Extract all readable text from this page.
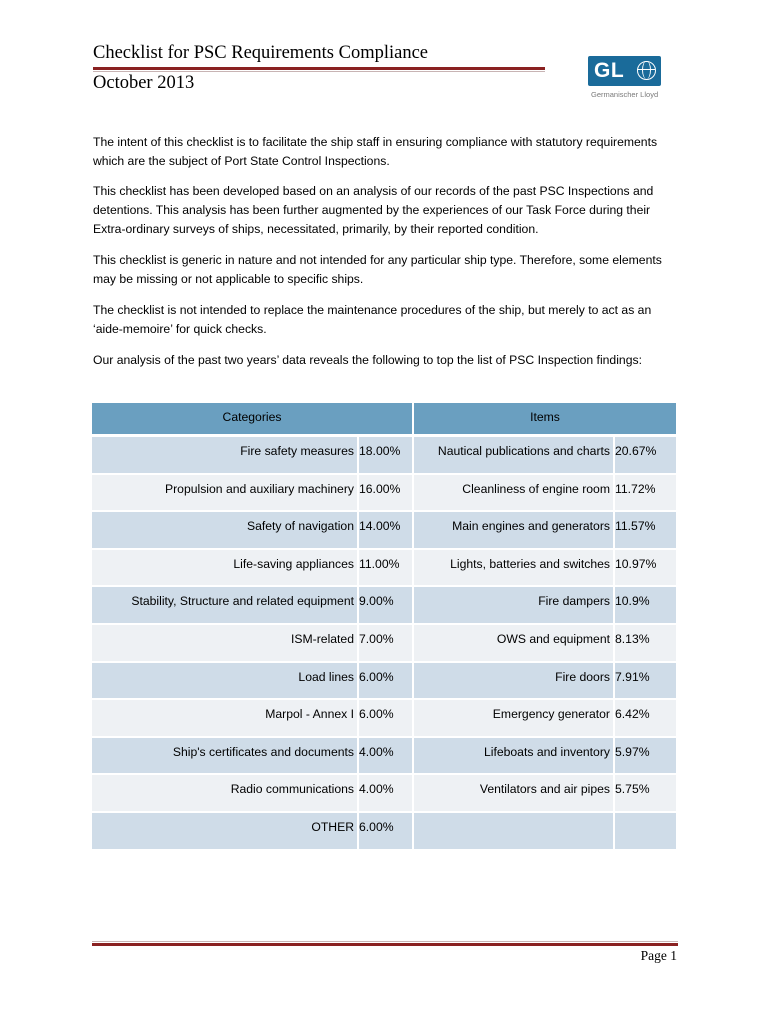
Checklist for PSC Requirements Compliance
October 2013
GL
Germanischer Lloyd

The intent of this checklist is to facilitate the ship staff in ensuring compliance with statutory requirements which are the subject of Port State Control Inspections.

This checklist has been developed based on an analysis of our records of the past PSC Inspections and detentions. This analysis has been further augmented by the experiences of our Task Force during their Extra-ordinary surveys of ships, necessitated, primarily, by their reported condition.

This checklist is generic in nature and not intended for any particular ship type. Therefore, some elements may be missing or not applicable to specific ships.

The checklist is not intended to replace the maintenance procedures of the ship, but merely to act as an ‘aide-memoire’ for quick checks.

Our analysis of the past two years’ data reveals the following to top the list of PSC Inspection findings:

Categories	Items
Fire safety measures 18.00%	Nautical publications and charts 20.67%
Propulsion and auxiliary machinery 16.00%	Cleanliness of engine room 11.72%
Safety of navigation 14.00%	Main engines and generators 11.57%
Life-saving appliances 11.00%	Lights, batteries and switches 10.97%
Stability, Structure and related equipment 9.00%	Fire dampers 10.9%
ISM-related 7.00%	OWS and equipment 8.13%
Load lines 6.00%	Fire doors 7.91%
Marpol - Annex I 6.00%	Emergency generator 6.42%
Ship's certificates and documents 4.00%	Lifeboats and inventory 5.97%
Radio communications 4.00%	Ventilators and air pipes 5.75%
OTHER 6.00%
Page 1
